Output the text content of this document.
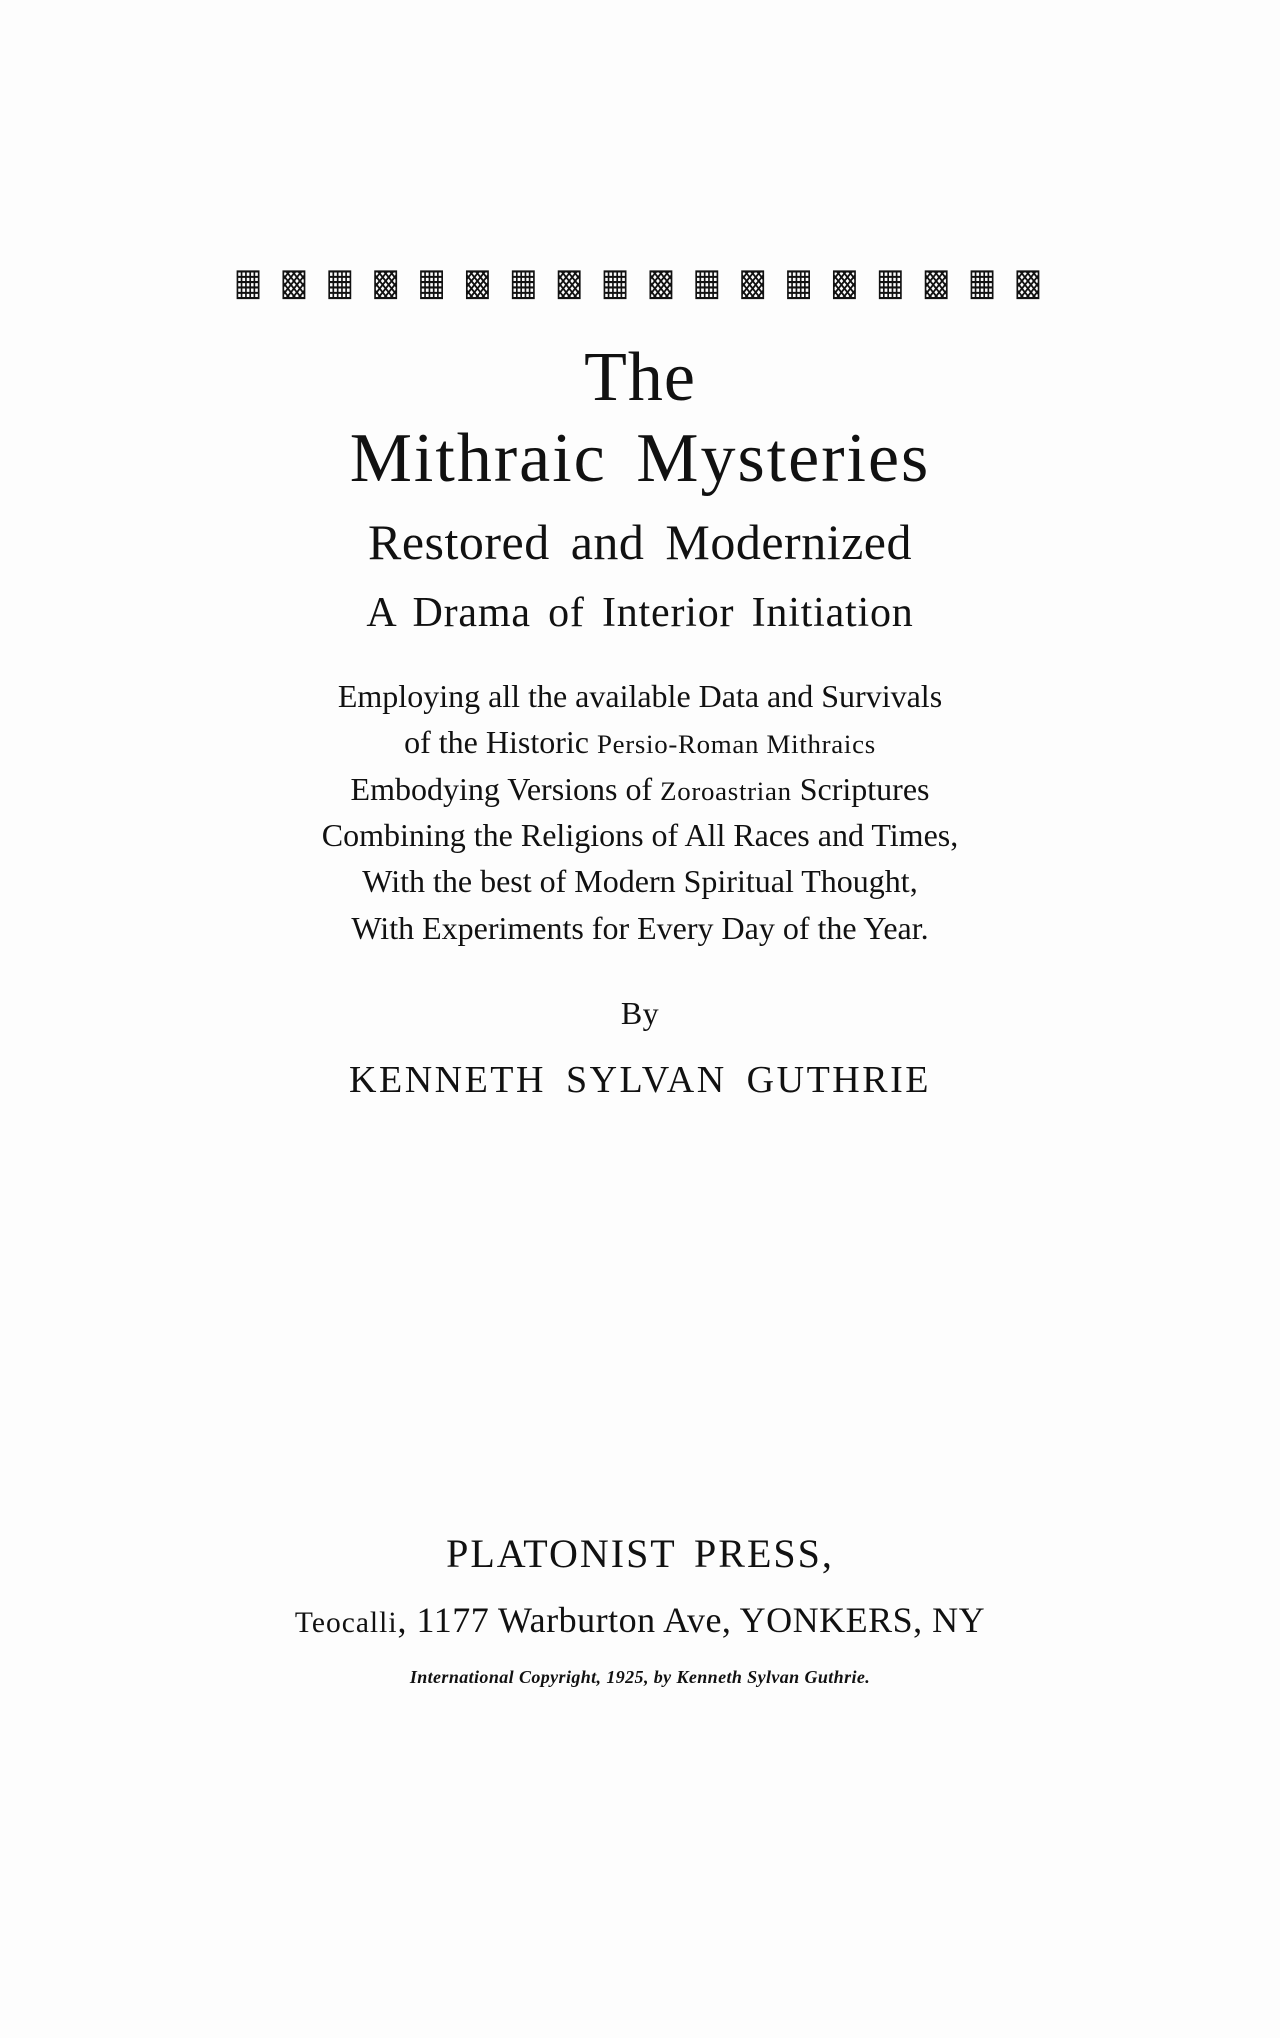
▦ ▩ ▦ ▩ ▦ ▩ ▦ ▩ ▦ ▩ ▦ ▩ ▦ ▩ ▦ ▩ ▦ ▩
The
Mithraic Mysteries
Restored and Modernized
A Drama of Interior Initiation
Employing all the available Data and Survivals
of the Historic Persio-Roman Mithraics
Embodying Versions of Zoroastrian Scriptures
Combining the Religions of All Races and Times,
With the best of Modern Spiritual Thought,
With Experiments for Every Day of the Year.
By
KENNETH SYLVAN GUTHRIE
PLATONIST PRESS,
Teocalli, 1177 Warburton Ave, YONKERS, NY
International Copyright, 1925, by Kenneth Sylvan Guthrie.
